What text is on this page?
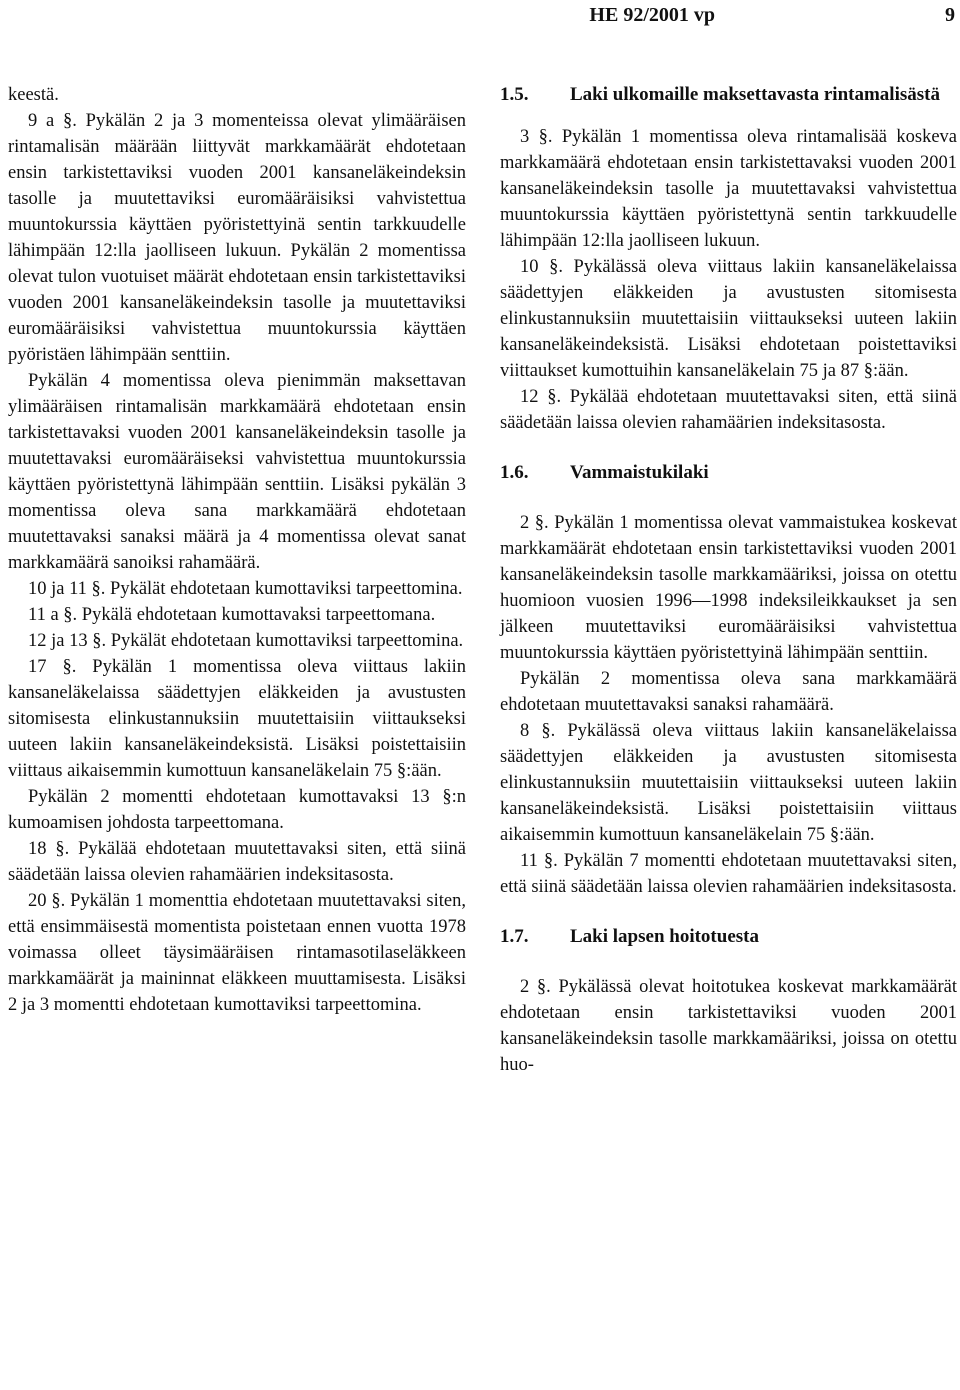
HE 92/2001 vp	9

keestä.

9 a §. Pykälän 2 ja 3 momenteissa olevat ylimääräisen rintamalisän määrään liittyvät markkamäärät ehdotetaan ensin tarkistettaviksi vuoden 2001 kansaneläkeindeksin tasolle ja muutettaviksi euromääräisiksi vahvistettua muuntokurssia käyttäen pyöristettyinä sentin tarkkuudelle lähimpään 12:lla jaolliseen lukuun. Pykälän 2 momentissa olevat tulon vuotuiset määrät ehdotetaan ensin tarkistettaviksi vuoden 2001 kansaneläkeindeksin tasolle ja muutettaviksi euromääräisiksi vahvistettua muuntokurssia käyttäen pyöristäen lähimpään senttiin.

Pykälän 4 momentissa oleva pienimmän maksettavan ylimääräisen rintamalisän markkamäärä ehdotetaan ensin tarkistettavaksi vuoden 2001 kansaneläkeindeksin tasolle ja muutettavaksi euromääräiseksi vahvistettua muuntokurssia käyttäen pyöristettynä lähimpään senttiin. Lisäksi pykälän 3 momentissa oleva sana markkamäärä ehdotetaan muutettavaksi sanaksi määrä ja 4 momentissa olevat sanat markkamäärä sanoiksi rahamäärä.

10 ja 11 §. Pykälät ehdotetaan kumottaviksi tarpeettomina.

11 a §. Pykälä ehdotetaan kumottavaksi tarpeettomana.

12 ja 13 §. Pykälät ehdotetaan kumottaviksi tarpeettomina.

17 §. Pykälän 1 momentissa oleva viittaus lakiin kansaneläkelaissa säädettyjen eläkkeiden ja avustusten sitomisesta elinkustannuksiin muutettaisiin viittaukseksi uuteen lakiin kansaneläkeindeksistä. Lisäksi poistettaisiin viittaus aikaisemmin kumottuun kansaneläkelain 75 §:ään.

Pykälän 2 momentti ehdotetaan kumottavaksi 13 §:n kumoamisen johdosta tarpeettomana.

18 §. Pykälää ehdotetaan muutettavaksi siten, että siinä säädetään laissa olevien rahamäärien indeksitasosta.

20 §. Pykälän 1 momenttia ehdotetaan muutettavaksi siten, että ensimmäisestä momentista poistetaan ennen vuotta 1978 voimassa olleet täysimääräisen rintamasotilaseläkkeen markkamäärät ja maininnat eläkkeen muuttamisesta. Lisäksi 2 ja 3 momentti ehdotetaan kumottaviksi tarpeettomina.

1.5.	Laki ulkomaille maksettavasta rintamalisästä

3 §. Pykälän 1 momentissa oleva rintamalisää koskeva markkamäärä ehdotetaan ensin tarkistettavaksi vuoden 2001 kansaneläkeindeksin tasolle ja muutettavaksi vahvistettua muuntokurssia käyttäen pyöristettynä sentin tarkkuudelle lähimpään 12:lla jaolliseen lukuun.

10 §. Pykälässä oleva viittaus lakiin kansaneläkelaissa säädettyjen eläkkeiden ja avustusten sitomisesta elinkustannuksiin muutettaisiin viittaukseksi uuteen lakiin kansaneläkeindeksistä. Lisäksi ehdotetaan poistettaviksi viittaukset kumottuihin kansaneläkelain 75 ja 87 §:ään.

12 §. Pykälää ehdotetaan muutettavaksi siten, että siinä säädetään laissa olevien rahamäärien indeksitasosta.

1.6.	Vammaistukilaki

2 §. Pykälän 1 momentissa olevat vammaistukea koskevat markkamäärät ehdotetaan ensin tarkistettaviksi vuoden 2001 kansaneläkeindeksin tasolle markkamääriksi, joissa on otettu huomioon vuosien 1996—1998 indeksileikkaukset ja sen jälkeen muutettaviksi euromääräisiksi vahvistettua muuntokurssia käyttäen pyöristettyinä lähimpään senttiin.

Pykälän 2 momentissa oleva sana markkamäärä ehdotetaan muutettavaksi sanaksi rahamäärä.

8 §. Pykälässä oleva viittaus lakiin kansaneläkelaissa säädettyjen eläkkeiden ja avustusten sitomisesta elinkustannuksiin muutettaisiin viittaukseksi uuteen lakiin kansaneläkeindeksistä. Lisäksi poistettaisiin viittaus aikaisemmin kumottuun kansaneläkelain 75 §:ään.

11 §. Pykälän 7 momentti ehdotetaan muutettavaksi siten, että siinä säädetään laissa olevien rahamäärien indeksitasosta.

1.7.	Laki lapsen hoitotuesta

2 §. Pykälässä olevat hoitotukea koskevat markkamäärät ehdotetaan ensin tarkistettaviksi vuoden 2001 kansaneläkeindeksin tasolle markkamääriksi, joissa on otettu huo-
